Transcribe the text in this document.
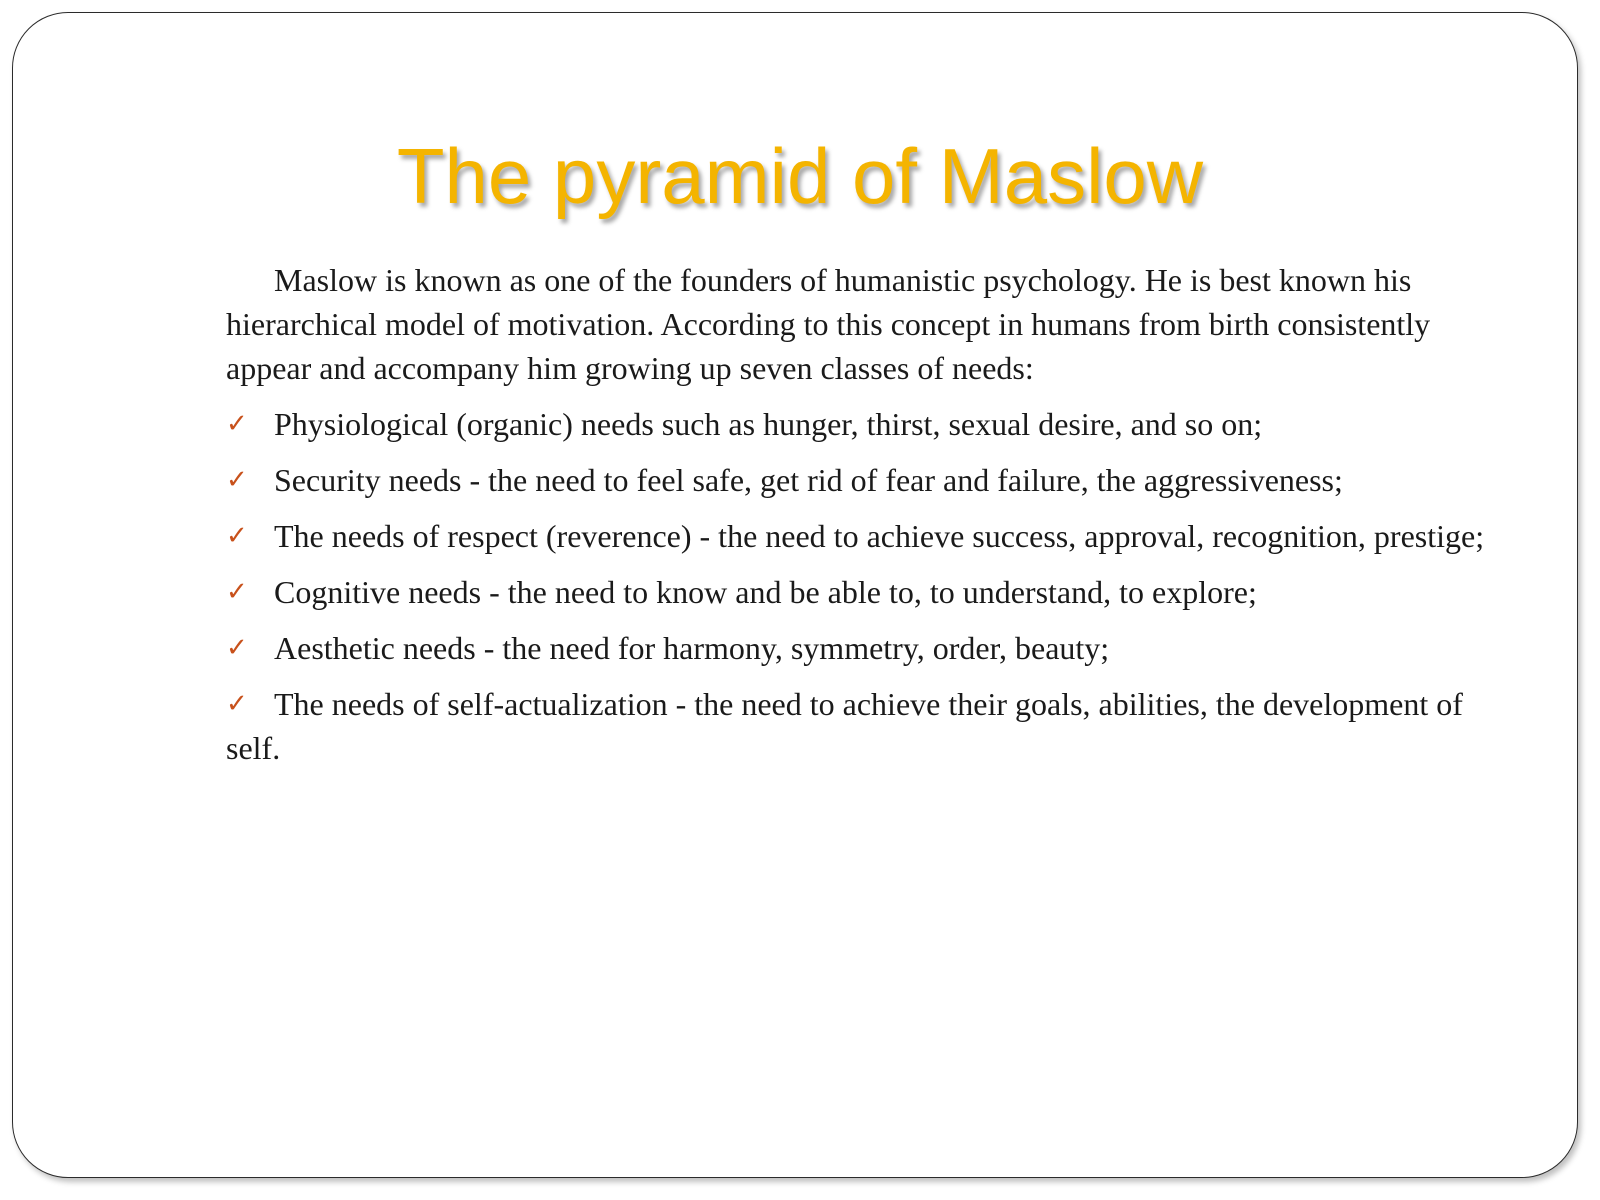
The pyramid of Maslow

Maslow is known as one of the founders of humanistic psychology. He is best known his hierarchical model of motivation. According to this concept in humans from birth consistently appear and accompany him growing up seven classes of needs:

✓ Physiological (organic) needs such as hunger, thirst, sexual desire, and so on;
✓ Security needs - the need to feel safe, get rid of fear and failure, the aggressiveness;
✓ The needs of respect (reverence) - the need to achieve success, approval, recognition, prestige;
✓ Cognitive needs - the need to know and be able to, to understand, to explore;
✓ Aesthetic needs - the need for harmony, symmetry, order, beauty;
✓ The needs of self-actualization - the need to achieve their goals, abilities, the development of self.
